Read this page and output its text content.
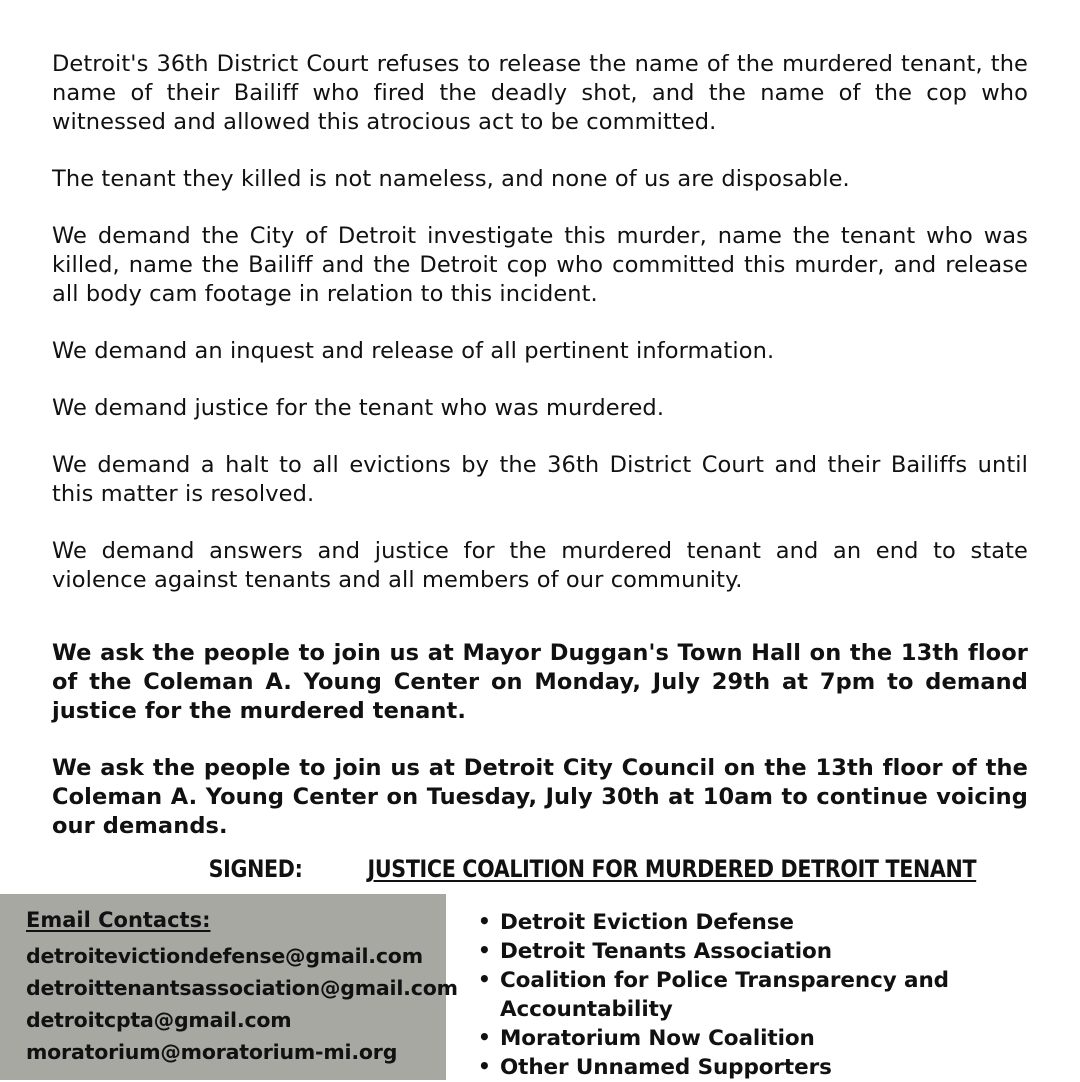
Detroit's 36th District Court refuses to release the name of the murdered tenant, the name of their Bailiff who fired the deadly shot, and the name of the cop who witnessed and allowed this atrocious act to be committed.

The tenant they killed is not nameless, and none of us are disposable.

We demand the City of Detroit investigate this murder, name the tenant who was killed, name the Bailiff and the Detroit cop who committed this murder, and release all body cam footage in relation to this incident.

We demand an inquest and release of all pertinent information.

We demand justice for the tenant who was murdered.

We demand a halt to all evictions by the 36th District Court and their Bailiffs until this matter is resolved.

We demand answers and justice for the murdered tenant and an end to state violence against tenants and all members of our community.

We ask the people to join us at Mayor Duggan's Town Hall on the 13th floor of the Coleman A. Young Center on Monday, July 29th at 7pm to demand justice for the murdered tenant.

We ask the people to join us at Detroit City Council on the 13th floor of the Coleman A. Young Center on Tuesday, July 30th at 10am to continue voicing our demands.

SIGNED:	JUSTICE COALITION FOR MURDERED DETROIT TENANT
Email Contacts:
detroitevictiondefense@gmail.com
detroittenantsassociation@gmail.com
detroitcpta@gmail.com
moratorium@moratorium-mi.org
• Detroit Eviction Defense
• Detroit Tenants Association
• Coalition for Police Transparency and Accountability
• Moratorium Now Coalition
• Other Unnamed Supporters
